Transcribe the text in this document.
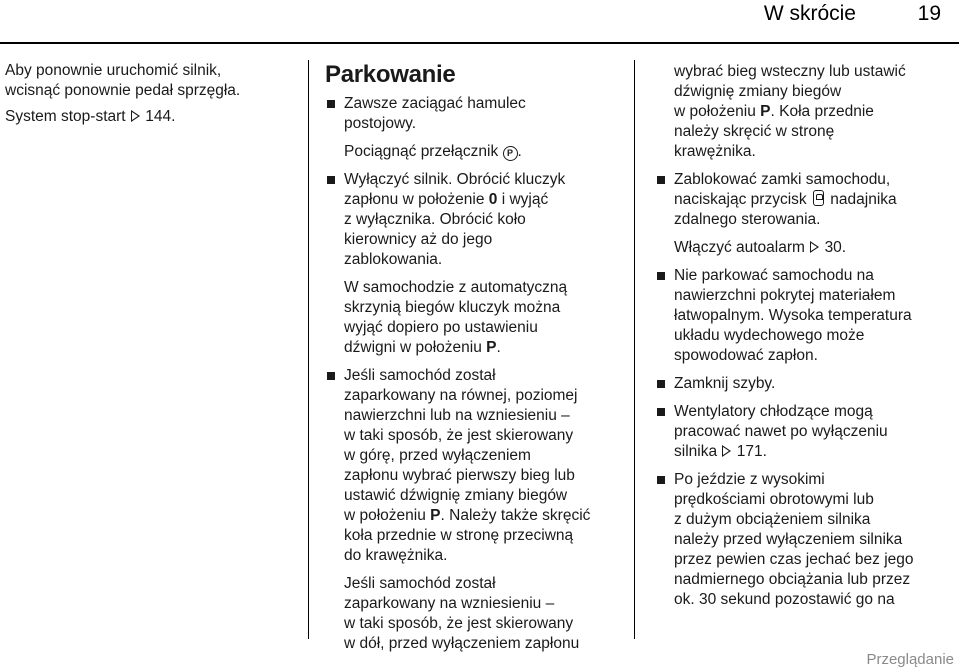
W skrócie	19

Aby ponownie uruchomić silnik,

wcisnąć ponownie pedał sprzęgła.

System stop-start 144.

Parkowanie

Zawsze zaciągać hamulec

postojowy.

Pociągnąć przełącznik P .

Wyłączyć silnik. Obrócić kluczyk

zapłonu w położenie 0 i wyjąć

z wyłącznika. Obrócić koło

kierownicy aż do jego

zablokowania.

W samochodzie z automatyczną

skrzynią biegów kluczyk można

wyjąć dopiero po ustawieniu

dźwigni w położeniu P.

Jeśli samochód został

zaparkowany na równej, poziomej

nawierzchni lub na wzniesieniu –

w taki sposób, że jest skierowany

w górę, przed wyłączeniem

zapłonu wybrać pierwszy bieg lub

ustawić dźwignię zmiany biegów

w położeniu P. Należy także skręcić

koła przednie w stronę przeciwną

do krawężnika.

Jeśli samochód został

zaparkowany na wzniesieniu –

w taki sposób, że jest skierowany

w dół, przed wyłączeniem zapłonu

wybrać bieg wsteczny lub ustawić

dźwignię zmiany biegów

w położeniu P. Koła przednie

należy skręcić w stronę

krawężnika.

Zablokować zamki samochodu,

naciskając przycisk nadajnika

zdalnego sterowania.

Włączyć autoalarm 30.

Nie parkować samochodu na

nawierzchni pokrytej materiałem

łatwopalnym. Wysoka temperatura

układu wydechowego może

spowodować zapłon.

Zamknij szyby.

Wentylatory chłodzące mogą

pracować nawet po wyłączeniu

silnika 171.

Po jeździe z wysokimi

prędkościami obrotowymi lub

z dużym obciążeniem silnika

należy przed wyłączeniem silnika

przez pewien czas jechać bez jego

nadmiernego obciążania lub przez

ok. 30 sekund pozostawić go na

Przeglądanie
